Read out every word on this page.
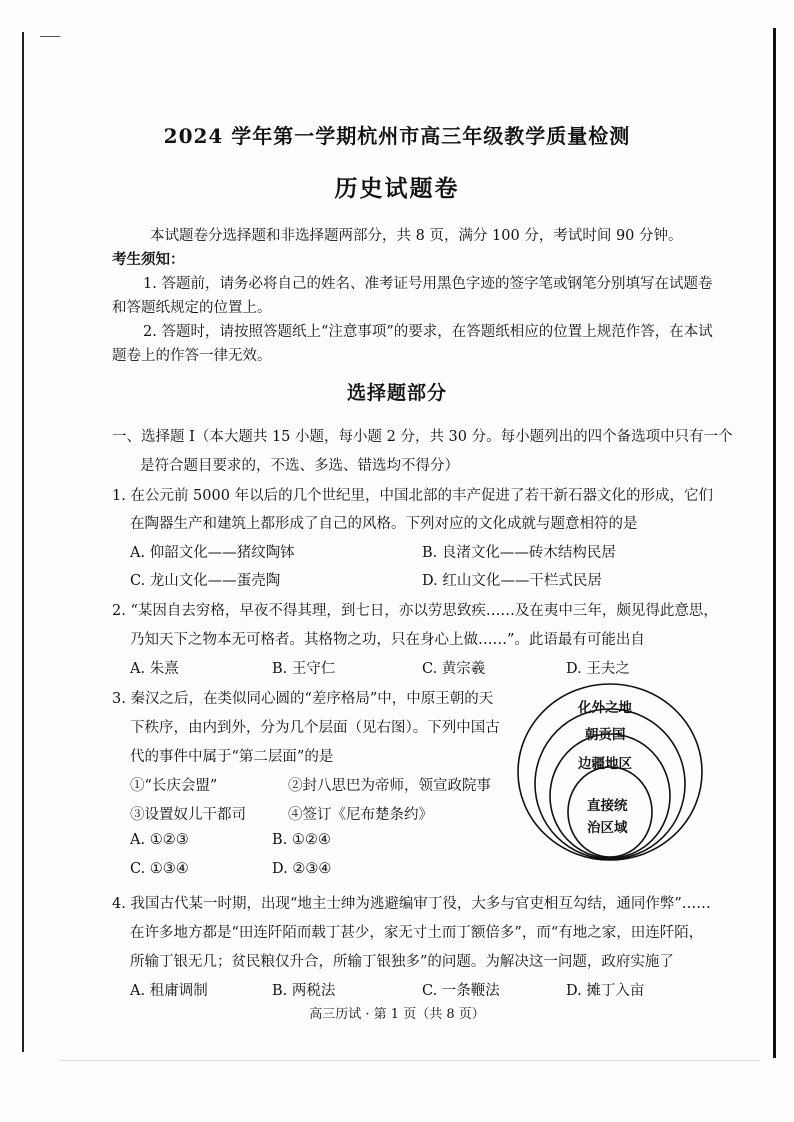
2024 学年第一学期杭州市高三年级教学质量检测
历史试题卷
本试题卷分选择题和非选择题两部分，共 8 页，满分 100 分，考试时间 90 分钟。
考生须知：
1. 答题前，请务必将自己的姓名、准考证号用黑色字迹的签字笔或钢笔分别填写在试题卷
和答题纸规定的位置上。
2. 答题时，请按照答题纸上“注意事项”的要求，在答题纸相应的位置上规范作答，在本试
题卷上的作答一律无效。
选择题部分
一、选择题 I（本大题共 15 小题，每小题 2 分，共 30 分。每小题列出的四个备选项中只有一个
是符合题目要求的，不选、多选、错选均不得分）
1. 在公元前 5000 年以后的几个世纪里，中国北部的丰产促进了若干新石器文化的形成，它们
在陶器生产和建筑上都形成了自己的风格。下列对应的文化成就与题意相符的是
A. 仰韶文化——猪纹陶钵	B. 良渚文化——砖木结构民居
C. 龙山文化——蛋壳陶	D. 红山文化——干栏式民居
2. “某因自去穷格，早夜不得其理，到七日，亦以劳思致疾……及在夷中三年，颇见得此意思，
乃知天下之物本无可格者。其格物之功，只在身心上做……”。此语最有可能出自
A. 朱熹	B. 王守仁	C. 黄宗羲	D. 王夫之
3. 秦汉之后，在类似同心圆的“差序格局”中，中原王朝的天
下秩序，由内到外，分为几个层面（见右图）。下列中国古
代的事件中属于“第二层面”的是
①“长庆会盟”	②封八思巴为帝师，领宣政院事
③设置奴儿干都司	④签订《尼布楚条约》
A. ①②③	B. ①②④
C. ①③④	D. ②③④
化外之地
朝贡国
边疆地区
直接统
治区域
4. 我国古代某一时期，出现“地主士绅为逃避编审丁役，大多与官吏相互勾结，通同作弊”……
在许多地方都是“田连阡陌而载丁甚少，家无寸土而丁额倍多”，而“有地之家，田连阡陌，
所输丁银无几；贫民粮仅升合，所输丁银独多”的问题。为解决这一问题，政府实施了
A. 租庸调制	B. 两税法	C. 一条鞭法	D. 摊丁入亩
高三历试 · 第 1 页（共 8 页）
